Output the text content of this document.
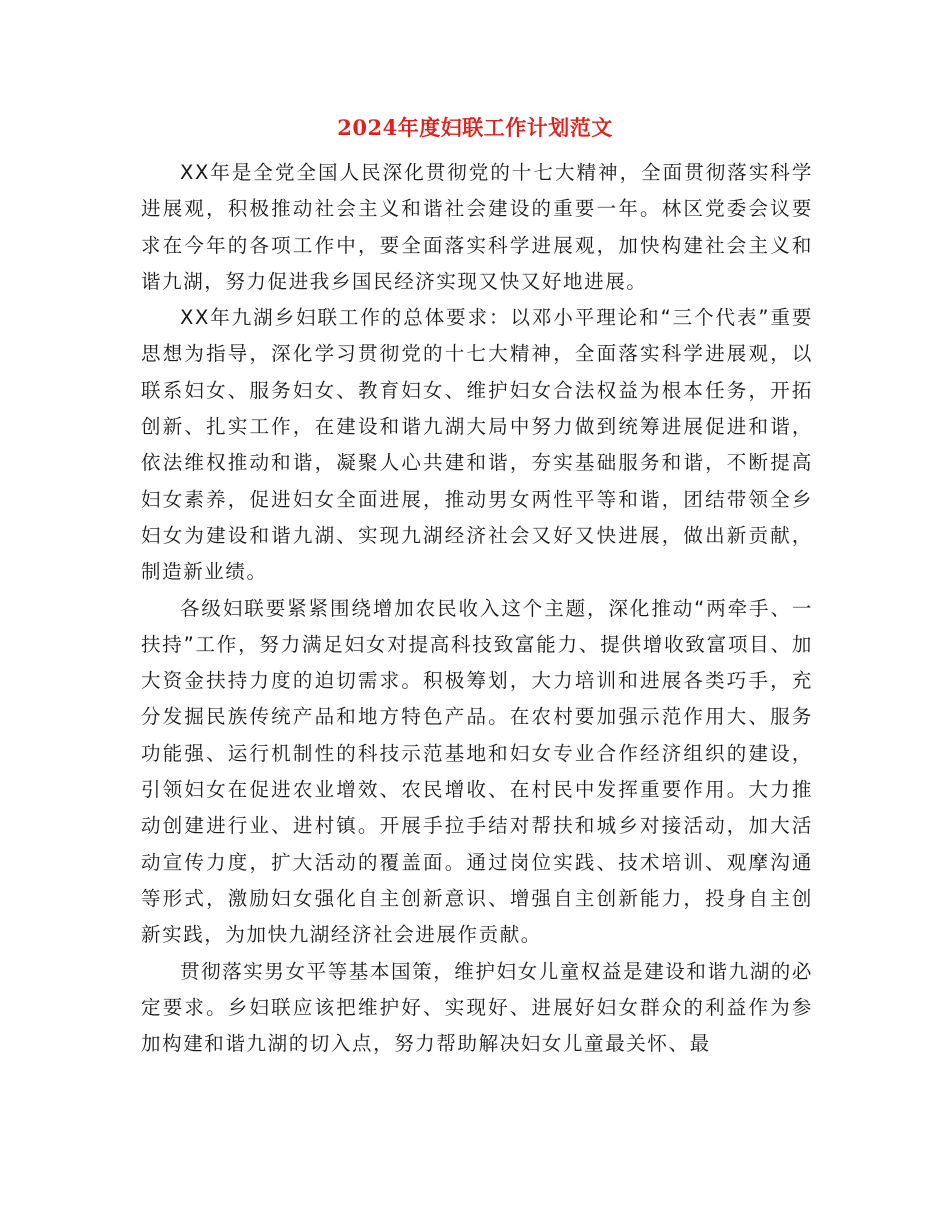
2024年度妇联工作计划范文

XX年是全党全国人民深化贯彻党的十七大精神，全面贯彻落实科学进展观，积极推动社会主义和谐社会建设的重要一年。林区党委会议要求在今年的各项工作中，要全面落实科学进展观，加快构建社会主义和谐九湖，努力促进我乡国民经济实现又快又好地进展。

XX年九湖乡妇联工作的总体要求：以邓小平理论和“三个代表”重要思想为指导，深化学习贯彻党的十七大精神，全面落实科学进展观，以联系妇女、服务妇女、教育妇女、维护妇女合法权益为根本任务，开拓创新、扎实工作，在建设和谐九湖大局中努力做到统筹进展促进和谐，依法维权推动和谐，凝聚人心共建和谐，夯实基础服务和谐，不断提高妇女素养，促进妇女全面进展，推动男女两性平等和谐，团结带领全乡妇女为建设和谐九湖、实现九湖经济社会又好又快进展，做出新贡献，制造新业绩。

各级妇联要紧紧围绕增加农民收入这个主题，深化推动“两牵手、一扶持”工作，努力满足妇女对提高科技致富能力、提供增收致富项目、加大资金扶持力度的迫切需求。积极筹划，大力培训和进展各类巧手，充分发掘民族传统产品和地方特色产品。在农村要加强示范作用大、服务功能强、运行机制性的科技示范基地和妇女专业合作经济组织的建设，引领妇女在促进农业增效、农民增收、在村民中发挥重要作用。大力推动创建进行业、进村镇。开展手拉手结对帮扶和城乡对接活动，加大活动宣传力度，扩大活动的覆盖面。通过岗位实践、技术培训、观摩沟通等形式，激励妇女强化自主创新意识、增强自主创新能力，投身自主创新实践，为加快九湖经济社会进展作贡献。

贯彻落实男女平等基本国策，维护妇女儿童权益是建设和谐九湖的必定要求。乡妇联应该把维护好、实现好、进展好妇女群众的利益作为参加构建和谐九湖的切入点，努力帮助解决妇女儿童最关怀、最
